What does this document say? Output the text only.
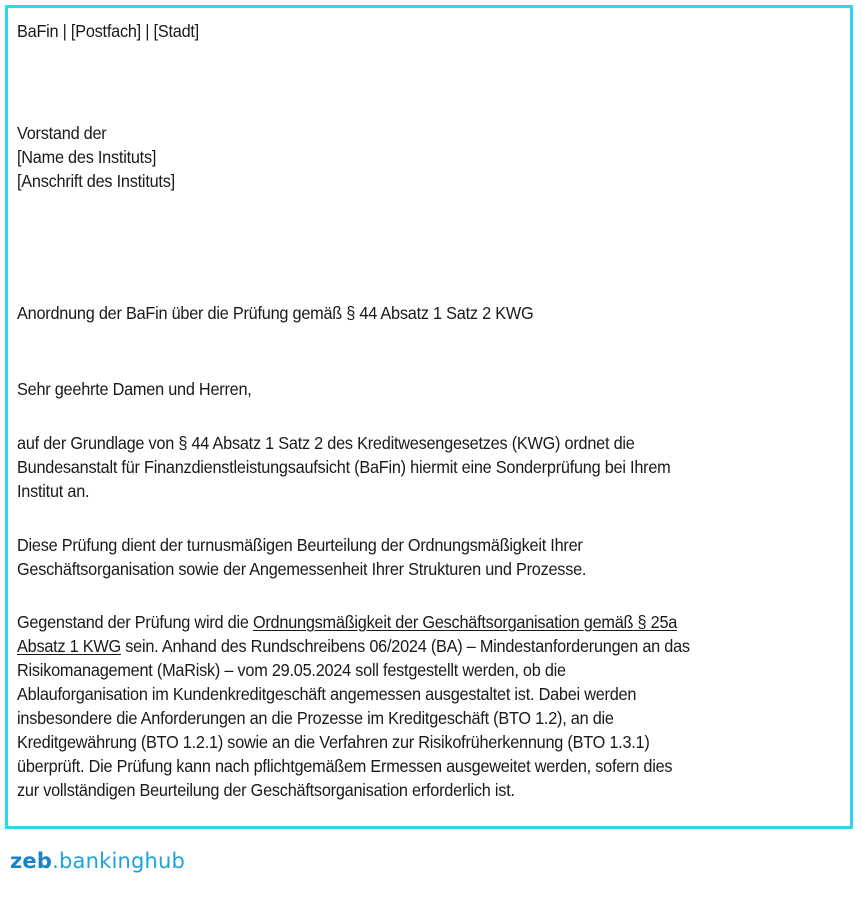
BaFin | [Postfach] | [Stadt]
Vorstand der
[Name des Instituts]
[Anschrift des Instituts]
Anordnung der BaFin über die Prüfung gemäß § 44 Absatz 1 Satz 2 KWG
Sehr geehrte Damen und Herren,
auf der Grundlage von § 44 Absatz 1 Satz 2 des Kreditwesengesetzes (KWG) ordnet die
Bundesanstalt für Finanzdienstleistungsaufsicht (BaFin) hiermit eine Sonderprüfung bei Ihrem
Institut an.
Diese Prüfung dient der turnusmäßigen Beurteilung der Ordnungsmäßigkeit Ihrer
Geschäftsorganisation sowie der Angemessenheit Ihrer Strukturen und Prozesse.
Gegenstand der Prüfung wird die Ordnungsmäßigkeit der Geschäftsorganisation gemäß § 25a
Absatz 1 KWG sein. Anhand des Rundschreibens 06/2024 (BA) – Mindestanforderungen an das
Risikomanagement (MaRisk) – vom 29.05.2024 soll festgestellt werden, ob die
Ablauforganisation im Kundenkreditgeschäft angemessen ausgestaltet ist. Dabei werden
insbesondere die Anforderungen an die Prozesse im Kreditgeschäft (BTO 1.2), an die
Kreditgewährung (BTO 1.2.1) sowie an die Verfahren zur Risikofrüherkennung (BTO 1.3.1)
überprüft. Die Prüfung kann nach pflichtgemäßem Ermessen ausgeweitet werden, sofern dies
zur vollständigen Beurteilung der Geschäftsorganisation erforderlich ist.
zeb.bankinghub
